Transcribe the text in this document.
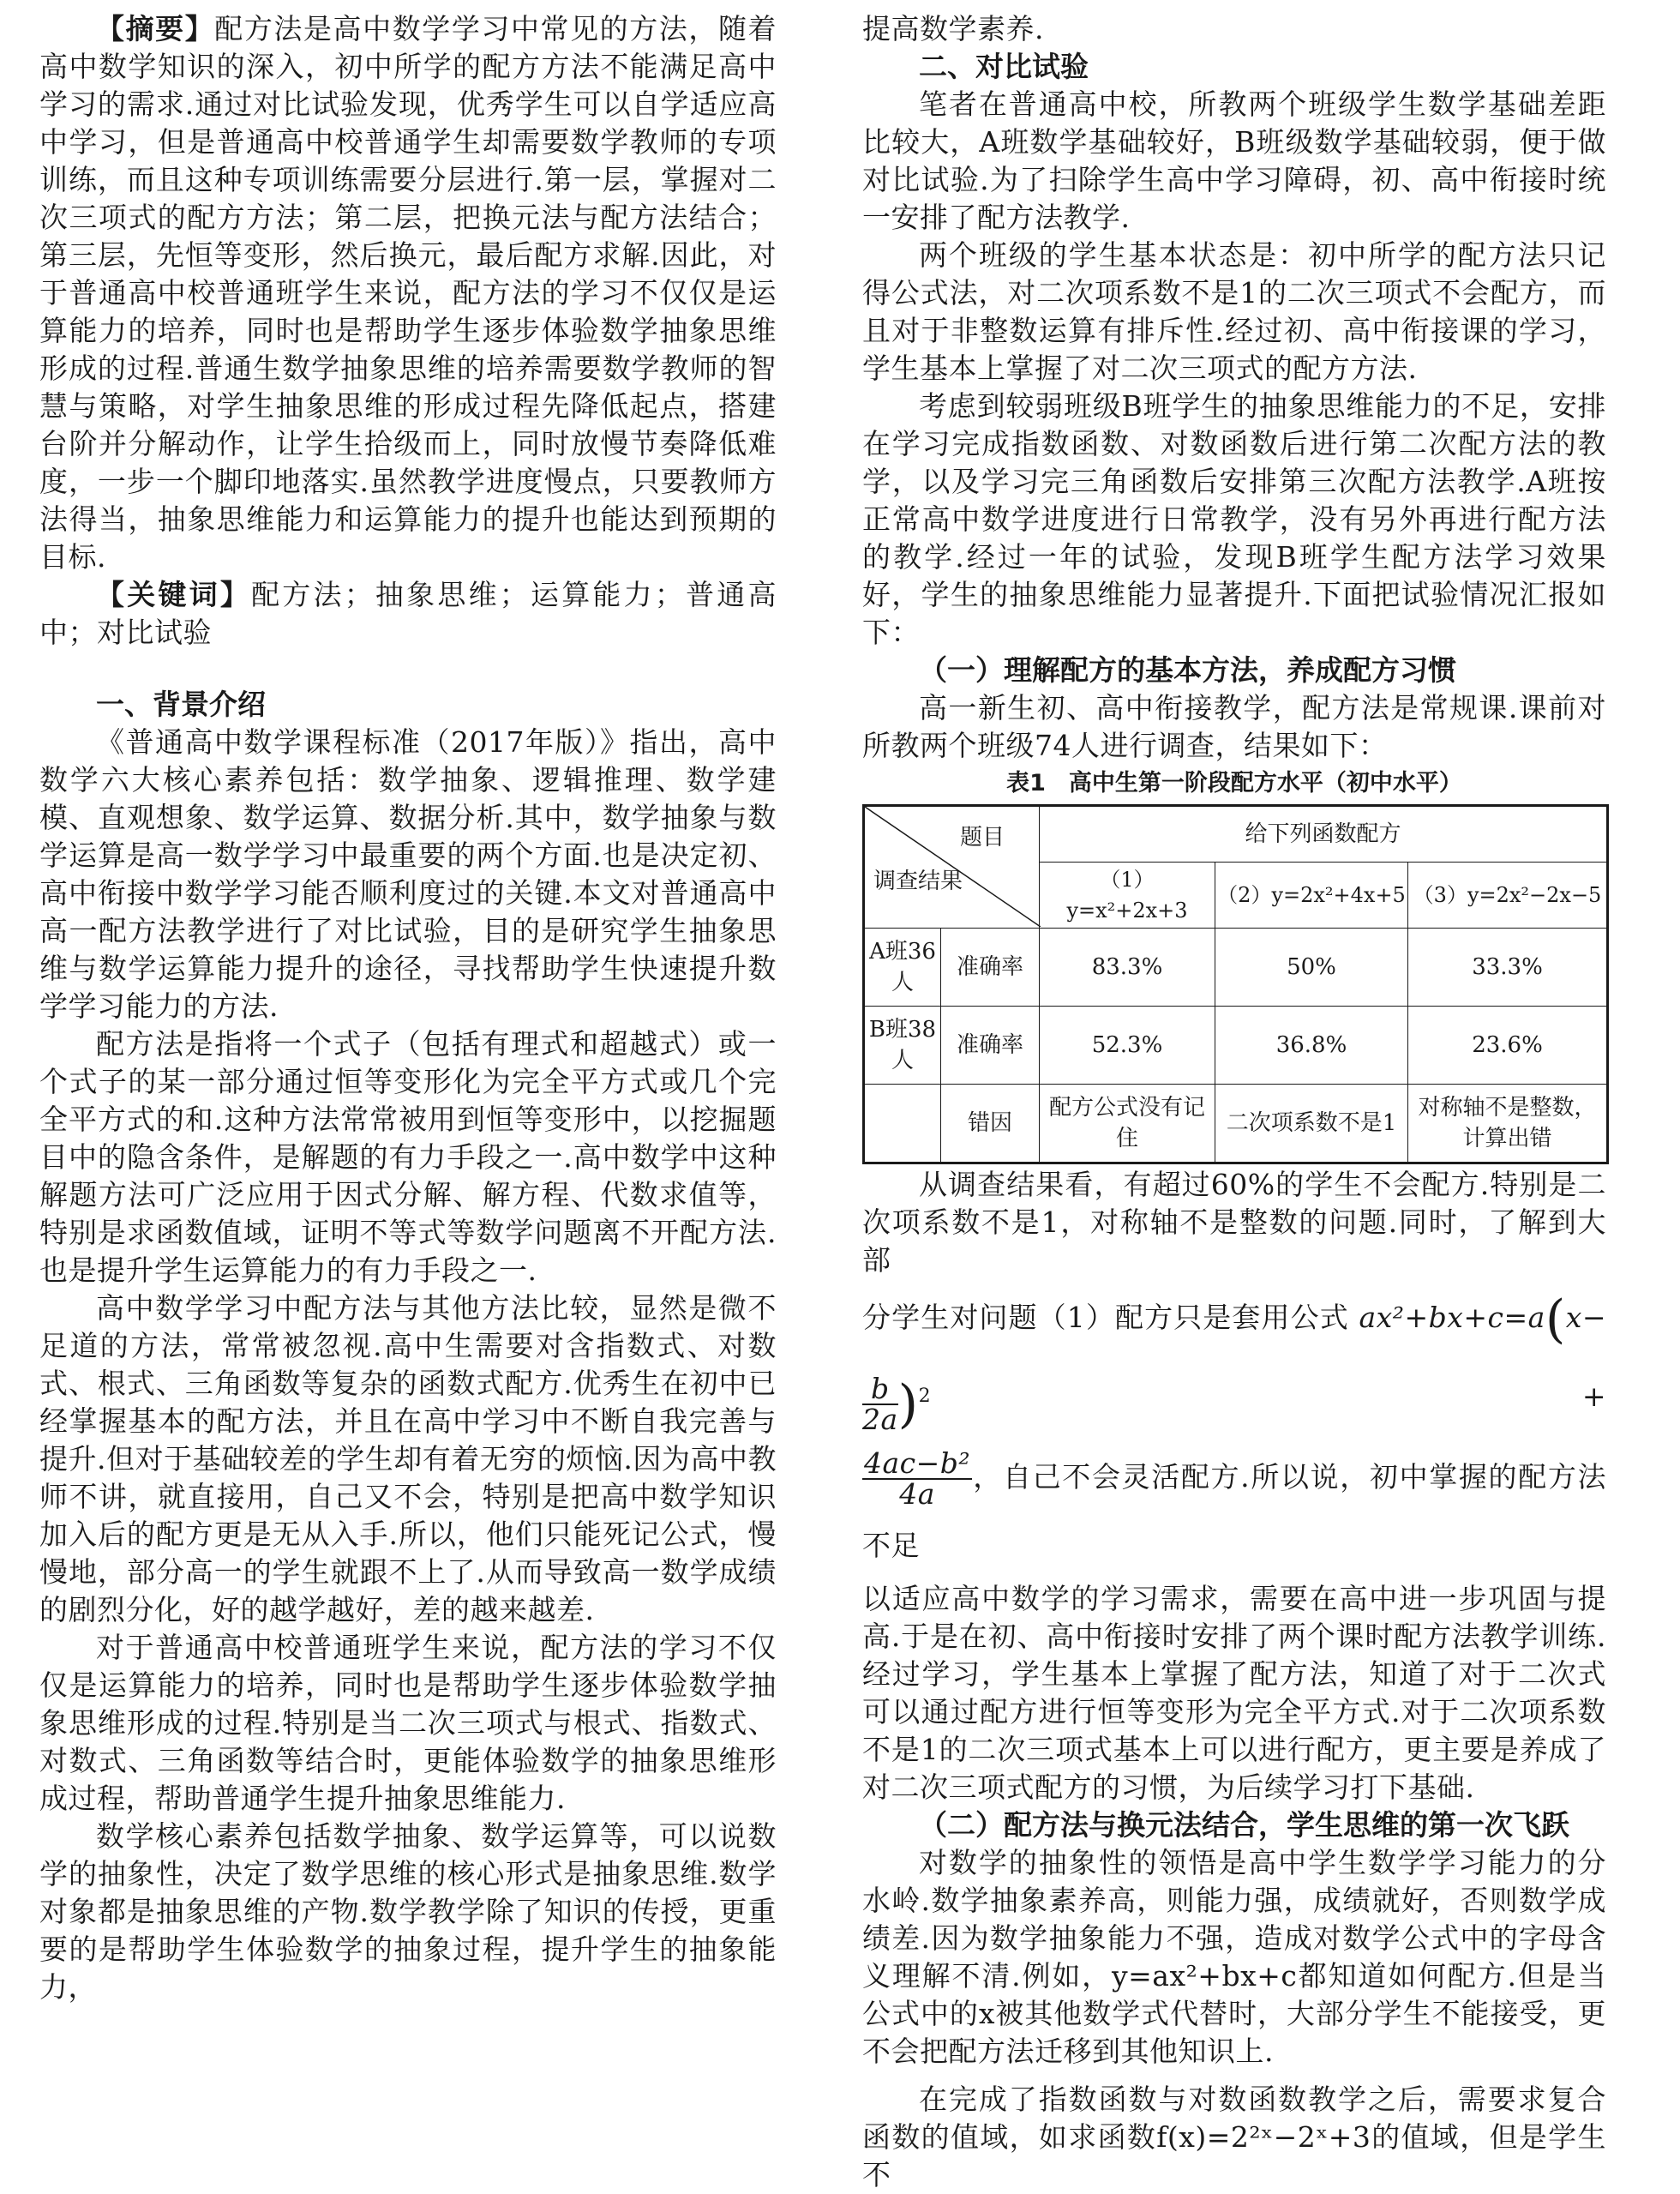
【摘要】配方法是高中数学学习中常见的方法，随着高中数学知识的深入，初中所学的配方方法不能满足高中学习的需求.通过对比试验发现，优秀学生可以自学适应高中学习，但是普通高中校普通学生却需要数学教师的专项训练，而且这种专项训练需要分层进行.第一层，掌握对二次三项式的配方方法；第二层，把换元法与配方法结合；第三层，先恒等变形，然后换元，最后配方求解.因此，对于普通高中校普通班学生来说，配方法的学习不仅仅是运算能力的培养，同时也是帮助学生逐步体验数学抽象思维形成的过程.普通生数学抽象思维的培养需要数学教师的智慧与策略，对学生抽象思维的形成过程先降低起点，搭建台阶并分解动作，让学生拾级而上，同时放慢节奏降低难度，一步一个脚印地落实.虽然教学进度慢点，只要教师方法得当，抽象思维能力和运算能力的提升也能达到预期的目标.

【关键词】配方法；抽象思维；运算能力；普通高中；对比试验

一、背景介绍

《普通高中数学课程标准（2017年版）》指出，高中数学六大核心素养包括：数学抽象、逻辑推理、数学建模、直观想象、数学运算、数据分析.其中，数学抽象与数学运算是高一数学学习中最重要的两个方面.也是决定初、高中衔接中数学学习能否顺利度过的关键.本文对普通高中高一配方法教学进行了对比试验，目的是研究学生抽象思维与数学运算能力提升的途径，寻找帮助学生快速提升数学学习能力的方法.

配方法是指将一个式子（包括有理式和超越式）或一个式子的某一部分通过恒等变形化为完全平方式或几个完全平方式的和.这种方法常常被用到恒等变形中，以挖掘题目中的隐含条件，是解题的有力手段之一.高中数学中这种解题方法可广泛应用于因式分解、解方程、代数求值等，特别是求函数值域，证明不等式等数学问题离不开配方法.也是提升学生运算能力的有力手段之一.

高中数学学习中配方法与其他方法比较，显然是微不足道的方法，常常被忽视.高中生需要对含指数式、对数式、根式、三角函数等复杂的函数式配方.优秀生在初中已经掌握基本的配方法，并且在高中学习中不断自我完善与提升.但对于基础较差的学生却有着无穷的烦恼.因为高中教师不讲，就直接用，自己又不会，特别是把高中数学知识加入后的配方更是无从入手.所以，他们只能死记公式，慢慢地，部分高一的学生就跟不上了.从而导致高一数学成绩的剧烈分化，好的越学越好，差的越来越差.

对于普通高中校普通班学生来说，配方法的学习不仅仅是运算能力的培养，同时也是帮助学生逐步体验数学抽象思维形成的过程.特别是当二次三项式与根式、指数式、对数式、三角函数等结合时，更能体验数学的抽象思维形成过程，帮助普通学生提升抽象思维能力.

数学核心素养包括数学抽象、数学运算等，可以说数学的抽象性，决定了数学思维的核心形式是抽象思维.数学对象都是抽象思维的产物.数学教学除了知识的传授，更重要的是帮助学生体验数学的抽象过程，提升学生的抽象能力，

提高数学素养.

二、对比试验

笔者在普通高中校，所教两个班级学生数学基础差距比较大，A班数学基础较好，B班级数学基础较弱，便于做对比试验.为了扫除学生高中学习障碍，初、高中衔接时统一安排了配方法教学.

两个班级的学生基本状态是：初中所学的配方法只记得公式法，对二次项系数不是1的二次三项式不会配方，而且对于非整数运算有排斥性.经过初、高中衔接课的学习，学生基本上掌握了对二次三项式的配方方法.

考虑到较弱班级B班学生的抽象思维能力的不足，安排在学习完成指数函数、对数函数后进行第二次配方法的教学，以及学习完三角函数后安排第三次配方法教学.A班按正常高中数学进度进行日常教学，没有另外再进行配方法的教学.经过一年的试验，发现B班学生配方法学习效果好，学生的抽象思维能力显著提升.下面把试验情况汇报如下：

（一）理解配方的基本方法，养成配方习惯

高一新生初、高中衔接教学，配方法是常规课.课前对所教两个班级74人进行调查，结果如下：

表1　高中生第一阶段配方水平（初中水平）
题目
调查结果		给下列函数配方		
		（1）y=x²+2x+3	（2）y=2x²+4x+5	（3）y=2x²−2x−5
A班36人	准确率	83.3%	50%	33.3%
B班38人	准确率	52.3%	36.8%	23.6%
	错因	配方公式没有记住	二次项系数不是1	对称轴不是整数，计算出错

从调查结果看，有超过60%的学生不会配方.特别是二次项系数不是1，对称轴不是整数的问题.同时，了解到大部

分学生对问题（1）配方只是套用公式 ax²+bx+c=a(x−
$\frac{b}{2a} )^2$	+

$\frac{\text{4ac−b²}}{4a}$ ，自己不会灵活配方.所以说，初中掌握的配方法不足

以适应高中数学的学习需求，需要在高中进一步巩固与提高.于是在初、高中衔接时安排了两个课时配方法教学训练.经过学习，学生基本上掌握了配方法，知道了对于二次式可以通过配方进行恒等变形为完全平方式.对于二次项系数不是1的二次三项式基本上可以进行配方，更主要是养成了对二次三项式配方的习惯，为后续学习打下基础.

（二）配方法与换元法结合，学生思维的第一次飞跃

对数学的抽象性的领悟是高中学生数学学习能力的分水岭.数学抽象素养高，则能力强，成绩就好，否则数学成绩差.因为数学抽象能力不强，造成对数学公式中的字母含义理解不清.例如，y=ax²+bx+c都知道如何配方.但是当公式中的x被其他数学式代替时，大部分学生不能接受，更不会把配方法迁移到其他知识上.

在完成了指数函数与对数函数教学之后，需要求复合函数的值域，如求函数f(x)=2²ˣ−2ˣ+3的值域，但是学生不
